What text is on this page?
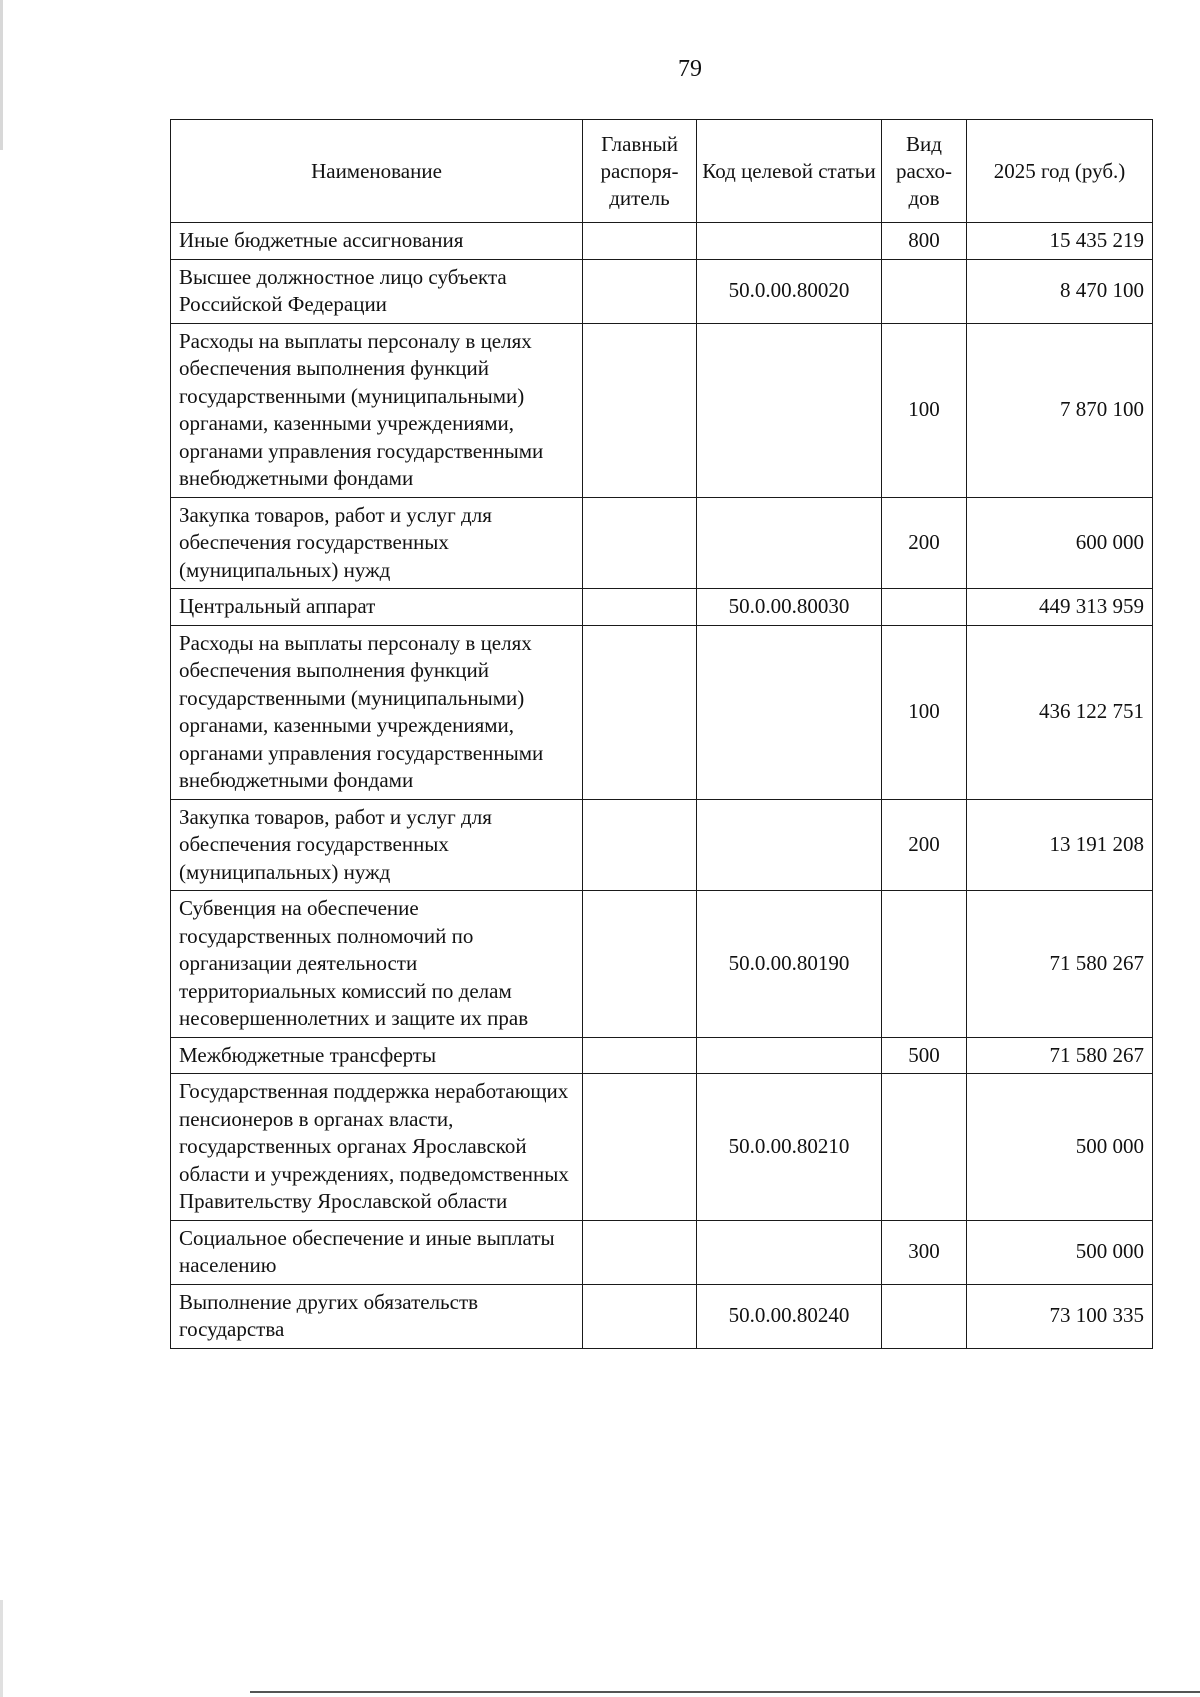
79
Наименование	Главный распоря-дитель	Код целевой статьи	Вид расхо-дов	2025 год (руб.)
Иные бюджетные ассигнования			800	15 435 219
Высшее должностное лицо субъекта Российской Федерации		50.0.00.80020		8 470 100
Расходы на выплаты персоналу в целях обеспечения выполнения функций государственными (муниципальными) органами, казенными учреждениями, органами управления государственными внебюджетными фондами			100	7 870 100
Закупка товаров, работ и услуг для обеспечения государственных (муниципальных) нужд			200	600 000
Центральный аппарат		50.0.00.80030		449 313 959
Расходы на выплаты персоналу в целях обеспечения выполнения функций государственными (муниципальными) органами, казенными учреждениями, органами управления государственными внебюджетными фондами			100	436 122 751
Закупка товаров, работ и услуг для обеспечения государственных (муниципальных) нужд			200	13 191 208
Субвенция на обеспечение государственных полномочий по организации деятельности территориальных комиссий по делам несовершеннолетних и защите их прав		50.0.00.80190		71 580 267
Межбюджетные трансферты			500	71 580 267
Государственная поддержка неработающих пенсионеров в органах власти, государственных органах Ярославской области и учреждениях, подведомственных Правительству Ярославской области		50.0.00.80210		500 000
Социальное обеспечение и иные выплаты населению			300	500 000
Выполнение других обязательств государства		50.0.00.80240		73 100 335
